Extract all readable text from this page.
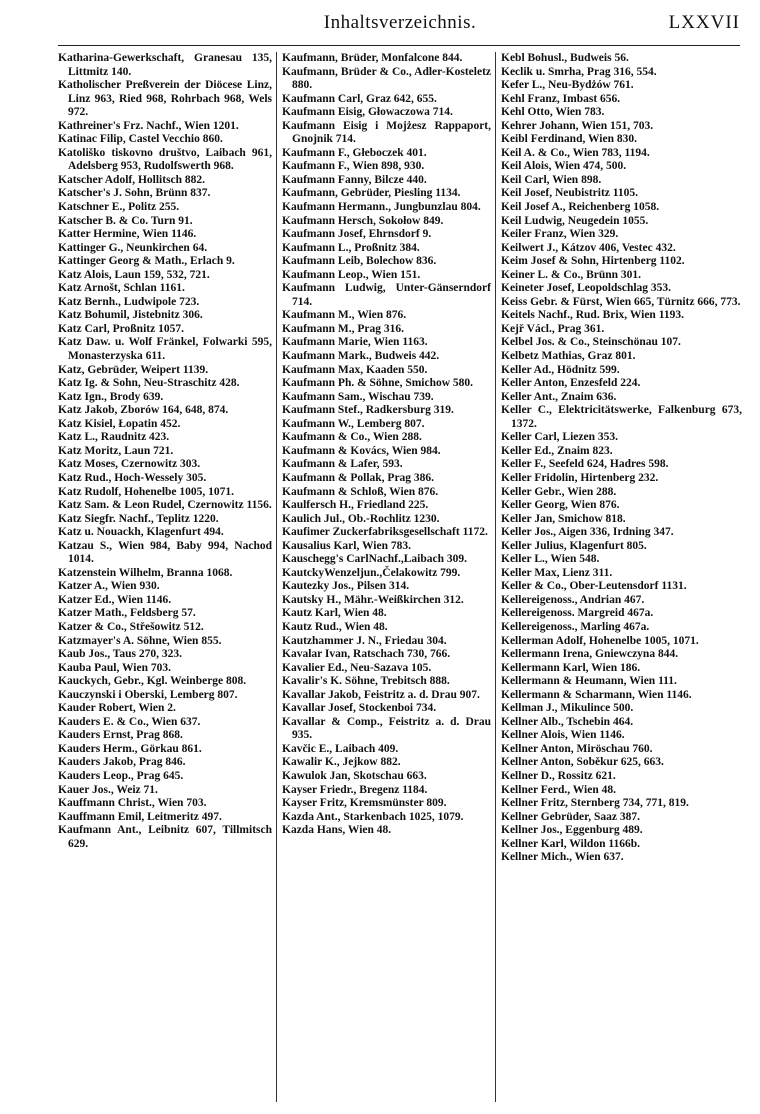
Inhaltsverzeichnis.	LXXVII

Katharina-Gewerkschaft, Granesau 135, Littmitz 140.

Katholischer Preßverein der Diöcese Linz, Linz 963, Ried 968, Rohrbach 968, Wels 972.

Kathreiner's Frz. Nachf., Wien 1201.

Katinac Filip, Castel Vecchio 860.

Katoliško tiskovno društvo, Laibach 961, Adelsberg 953, Rudolfswerth 968.

Katscher Adolf, Hollitsch 882.

Katscher's J. Sohn, Brünn 837.

Katschner E., Politz 255.

Katscher B. & Co. Turn 91.

Katter Hermine, Wien 1146.

Kattinger G., Neunkirchen 64.

Kattinger Georg & Math., Erlach 9.

Katz Alois, Laun 159, 532, 721.

Katz Arnošt, Schlan 1161.

Katz Bernh., Ludwipole 723.

Katz Bohumil, Jistebnitz 306.

Katz Carl, Proßnitz 1057.

Katz Daw. u. Wolf Fränkel, Folwarki 595, Monasterzyska 611.

Katz, Gebrüder, Weipert 1139.

Katz Ig. & Sohn, Neu-Straschitz 428.

Katz Ign., Brody 639.

Katz Jakob, Zborów 164, 648, 874.

Katz Kisiel, Łopatin 452.

Katz L., Raudnitz 423.

Katz Moritz, Laun 721.

Katz Moses, Czernowitz 303.

Katz Rud., Hoch-Wessely 305.

Katz Rudolf, Hohenelbe 1005, 1071.

Katz Sam. & Leon Rudel, Czernowitz 1156.

Katz Siegfr. Nachf., Teplitz 1220.

Katz u. Nouackh, Klagenfurt 494.

Katzau S., Wien 984, Baby 994, Nachod 1014.

Katzenstein Wilhelm, Branna 1068.

Katzer A., Wien 930.

Katzer Ed., Wien 1146.

Katzer Math., Feldsberg 57.

Katzer & Co., Střešowitz 512.

Katzmayer's A. Söhne, Wien 855.

Kaub Jos., Taus 270, 323.

Kauba Paul, Wien 703.

Kauckych, Gebr., Kgl. Weinberge 808.

Kauczynski i Oberski, Lemberg 807.

Kauder Robert, Wien 2.

Kauders E. & Co., Wien 637.

Kauders Ernst, Prag 868.

Kauders Herm., Görkau 861.

Kauders Jakob, Prag 846.

Kauders Leop., Prag 645.

Kauer Jos., Weiz 71.

Kauffmann Christ., Wien 703.

Kauffmann Emil, Leitmeritz 497.

Kaufmann Ant., Leibnitz 607, Tillmitsch 629.

Kaufmann, Brüder, Monfalcone 844.

Kaufmann, Brüder & Co., Adler-Kosteletz 880.

Kaufmann Carl, Graz 642, 655.

Kaufmann Eisig, Głowaczowa 714.

Kaufmann Eisig i Mojżesz Rappaport, Gnojnik 714.

Kaufmann F., Głeboczek 401.

Kaufmann F., Wien 898, 930.

Kaufmann Fanny, Bilcze 440.

Kaufmann, Gebrüder, Piesling 1134.

Kaufmann Hermann., Jungbunzlau 804.

Kaufmann Hersch, Sokołow 849.

Kaufmann Josef, Ehrnsdorf 9.

Kaufmann L., Proßnitz 384.

Kaufmann Leib, Bolechow 836.

Kaufmann Leop., Wien 151.

Kaufmann Ludwig, Unter-Gänserndorf 714.

Kaufmann M., Wien 876.

Kaufmann M., Prag 316.

Kaufmann Marie, Wien 1163.

Kaufmann Mark., Budweis 442.

Kaufmann Max, Kaaden 550.

Kaufmann Ph. & Söhne, Smichow 580.

Kaufmann Sam., Wischau 739.

Kaufmann Stef., Radkersburg 319.

Kaufmann W., Lemberg 807.

Kaufmann & Co., Wien 288.

Kaufmann & Kovács, Wien 984.

Kaufmann & Lafer, 593.

Kaufmann & Pollak, Prag 386.

Kaufmann & Schloß, Wien 876.

Kaulfersch H., Friedland 225.

Kaulich Jul., Ob.-Rochlitz 1230.

Kaufimer Zuckerfabriksgesellschaft 1172.

Kausalius Karl, Wien 783.

Kauschegg's CarlNachf.,Laibach 309.

KautckyWenzeljun.,Čelakowitz 799.

Kautezky Jos., Pilsen 314.

Kautsky H., Mähr.-Weißkirchen 312.

Kautz Karl, Wien 48.

Kautz Rud., Wien 48.

Kautzhammer J. N., Friedau 304.

Kavalar Ivan, Ratschach 730, 766.

Kavalier Ed., Neu-Sazava 105.

Kavalir's K. Söhne, Trebitsch 888.

Kavallar Jakob, Feistritz a. d. Drau 907.

Kavallar Josef, Stockenboi 734.

Kavallar & Comp., Feistritz a. d. Drau 935.

Kavčic E., Laibach 409.

Kawalir K., Jejkow 882.

Kawulok Jan, Skotschau 663.

Kayser Friedr., Bregenz 1184.

Kayser Fritz, Kremsmünster 809.

Kazda Ant., Starkenbach 1025, 1079.

Kazda Hans, Wien 48.

Kebl Bohusl., Budweis 56.

Keclik u. Smrha, Prag 316, 554.

Kefer L., Neu-Bydżów 761.

Kehl Franz, Imbast 656.

Kehl Otto, Wien 783.

Kehrer Johann, Wien 151, 703.

Keibl Ferdinand, Wien 830.

Keil A. & Co., Wien 783, 1194.

Keil Alois, Wien 474, 500.

Keil Carl, Wien 898.

Keil Josef, Neubistritz 1105.

Keil Josef A., Reichenberg 1058.

Keil Ludwig, Neugedein 1055.

Keiler Franz, Wien 329.

Keilwert J., Kátzov 406, Vestec 432.

Keim Josef & Sohn, Hirtenberg 1102.

Keiner L. & Co., Brünn 301.

Keineter Josef, Leopoldschlag 353.

Keiss Gebr. & Fürst, Wien 665, Türnitz 666, 773.

Keitels Nachf., Rud. Brix, Wien 1193.

Kejř Václ., Prag 361.

Kelbel Jos. & Co., Steinschönau 107.

Kelbetz Mathias, Graz 801.

Keller Ad., Hödnitz 599.

Keller Anton, Enzesfeld 224.

Keller Ant., Znaim 636.

Keller C., Elektricitätswerke, Falkenburg 673, 1372.

Keller Carl, Liezen 353.

Keller Ed., Znaim 823.

Keller F., Seefeld 624, Hadres 598.

Keller Fridolin, Hirtenberg 232.

Keller Gebr., Wien 288.

Keller Georg, Wien 876.

Keller Jan, Smichow 818.

Keller Jos., Aigen 336, Irdning 347.

Keller Julius, Klagenfurt 805.

Keller L., Wien 548.

Keller Max, Lienz 311.

Keller & Co., Ober-Leutensdorf 1131.

Kellereigenoss., Andrian 467.

Kellereigenoss. Margreid 467a.

Kellereigenoss., Marling 467a.

Kellerman Adolf, Hohenelbe 1005, 1071.

Kellermann Irena, Gniewczyna 844.

Kellermann Karl, Wien 186.

Kellermann & Heumann, Wien 111.

Kellermann & Scharmann, Wien 1146.

Kellman J., Mikulince 500.

Kellner Alb., Tschebin 464.

Kellner Alois, Wien 1146.

Kellner Anton, Miröschau 760.

Kellner Anton, Soběkur 625, 663.

Kellner D., Rossitz 621.

Kellner Ferd., Wien 48.

Kellner Fritz, Sternberg 734, 771, 819.

Kellner Gebrüder, Saaz 387.

Kellner Jos., Eggenburg 489.

Kellner Karl, Wildon 1166b.

Kellner Mich., Wien 637.
